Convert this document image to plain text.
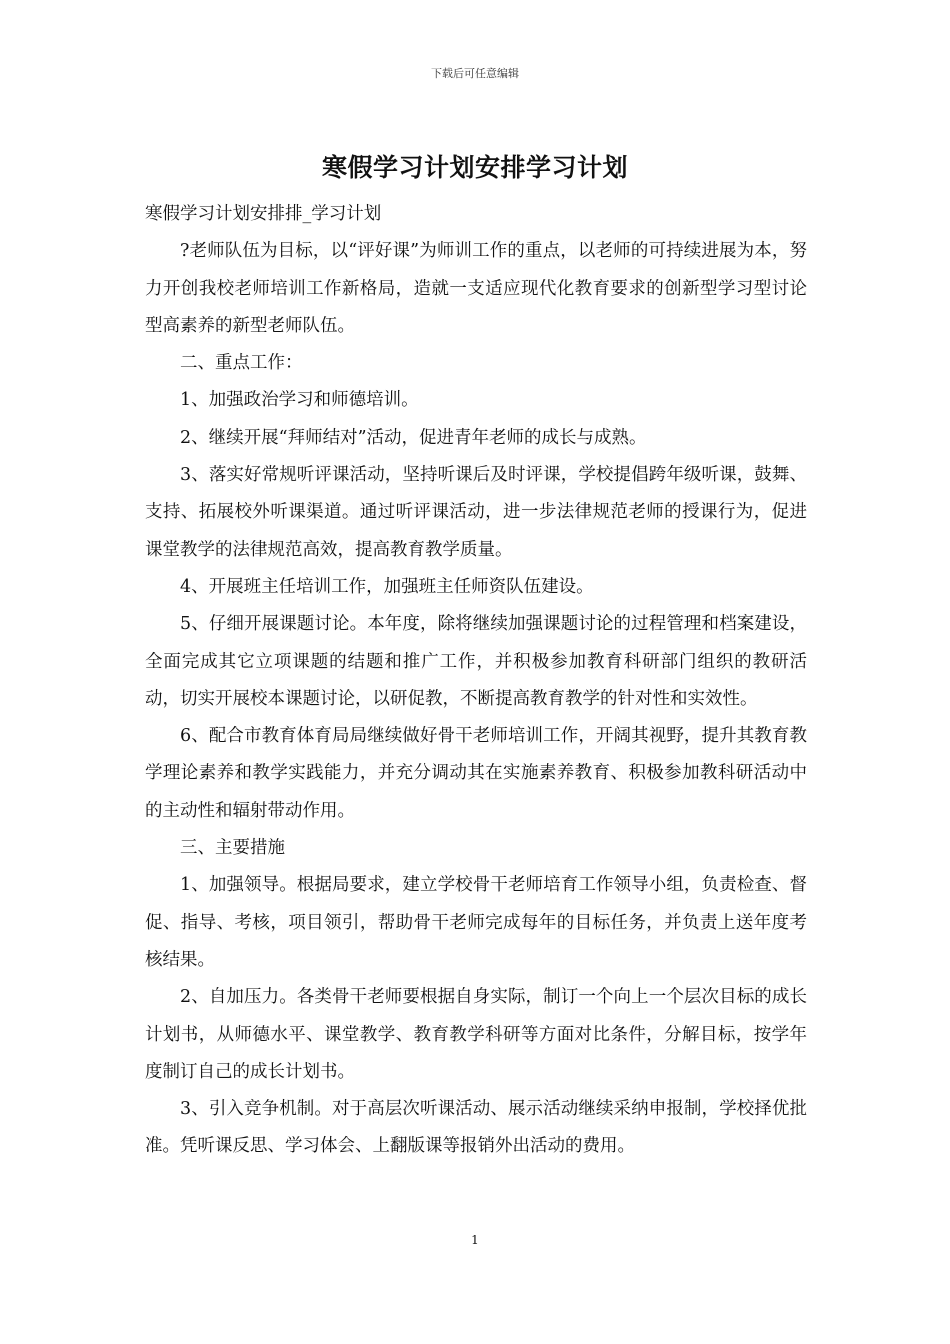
下载后可任意编辑
寒假学习计划安排学习计划

寒假学习计划安排排_学习计划

?老师队伍为目标，以“评好课”为师训工作的重点，以老师的可持续进展为本，努力开创我校老师培训工作新格局，造就一支适应现代化教育要求的创新型学习型讨论型高素养的新型老师队伍。

二、重点工作：

1、加强政治学习和师德培训。

2、继续开展“拜师结对”活动，促进青年老师的成长与成熟。

3、落实好常规听评课活动，坚持听课后及时评课，学校提倡跨年级听课，鼓舞、支持、拓展校外听课渠道。通过听评课活动，进一步法律规范老师的授课行为，促进课堂教学的法律规范高效，提高教育教学质量。

4、开展班主任培训工作，加强班主任师资队伍建设。

5、仔细开展课题讨论。本年度，除将继续加强课题讨论的过程管理和档案建设，全面完成其它立项课题的结题和推广工作，并积极参加教育科研部门组织的教研活动，切实开展校本课题讨论，以研促教，不断提高教育教学的针对性和实效性。

6、配合市教育体育局局继续做好骨干老师培训工作，开阔其视野，提升其教育教学理论素养和教学实践能力，并充分调动其在实施素养教育、积极参加教科研活动中的主动性和辐射带动作用。

三、主要措施

1、加强领导。根据局要求，建立学校骨干老师培育工作领导小组，负责检查、督促、指导、考核，项目领引，帮助骨干老师完成每年的目标任务，并负责上送年度考核结果。

2、自加压力。各类骨干老师要根据自身实际，制订一个向上一个层次目标的成长计划书，从师德水平、课堂教学、教育教学科研等方面对比条件，分解目标，按学年度制订自己的成长计划书。

3、引入竞争机制。对于高层次听课活动、展示活动继续采纳申报制，学校择优批准。凭听课反思、学习体会、上翻版课等报销外出活动的费用。

1
